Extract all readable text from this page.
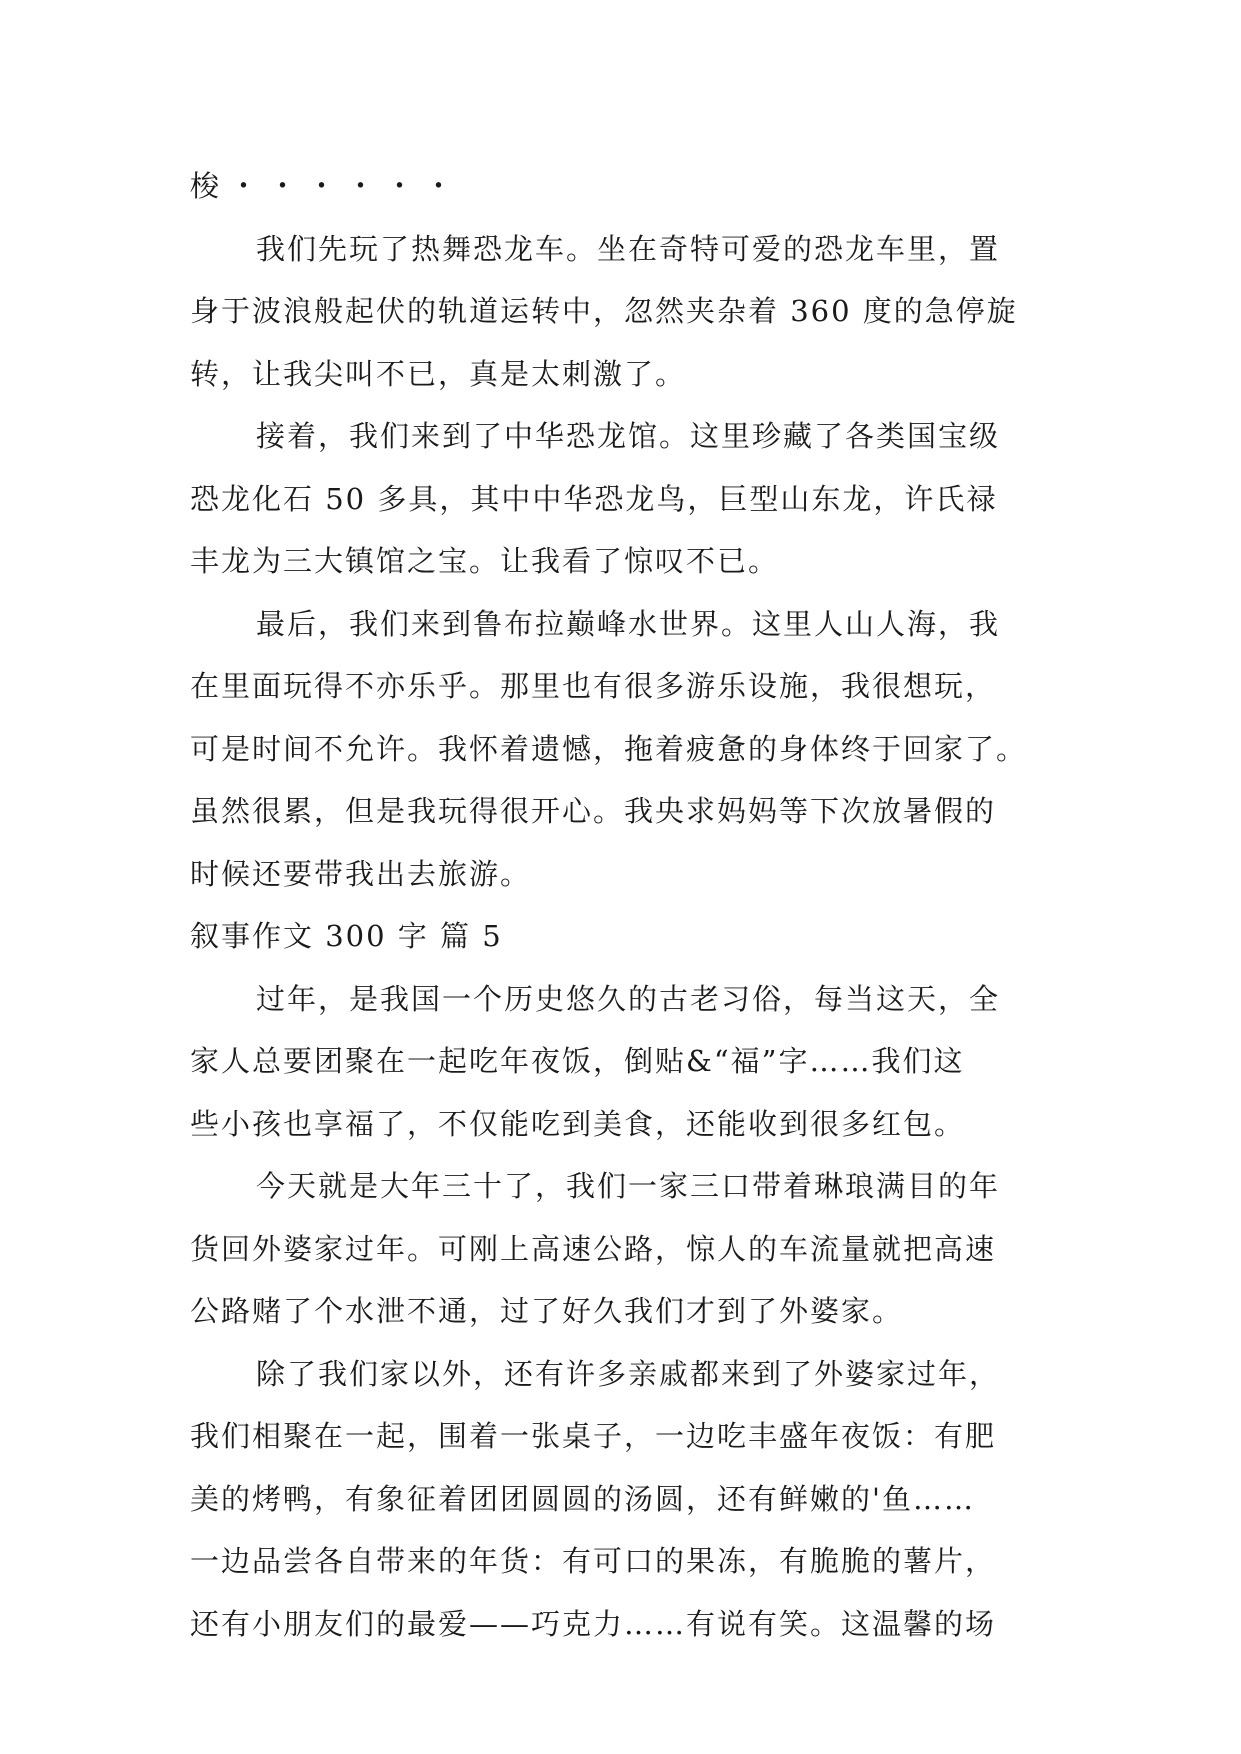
梭・・・・・・
我们先玩了热舞恐龙车。坐在奇特可爱的恐龙车里，置
身于波浪般起伏的轨道运转中，忽然夹杂着 360 度的急停旋
转，让我尖叫不已，真是太刺激了。
接着，我们来到了中华恐龙馆。这里珍藏了各类国宝级
恐龙化石 50 多具，其中中华恐龙鸟，巨型山东龙，许氏禄
丰龙为三大镇馆之宝。让我看了惊叹不已。
最后，我们来到鲁布拉巅峰水世界。这里人山人海，我
在里面玩得不亦乐乎。那里也有很多游乐设施，我很想玩，
可是时间不允许。我怀着遗憾，拖着疲惫的身体终于回家了。
虽然很累，但是我玩得很开心。我央求妈妈等下次放暑假的
时候还要带我出去旅游。
叙事作文 300 字 篇 5
过年，是我国一个历史悠久的古老习俗，每当这天，全
家人总要团聚在一起吃年夜饭，倒贴&“福”字……我们这
些小孩也享福了，不仅能吃到美食，还能收到很多红包。
今天就是大年三十了，我们一家三口带着琳琅满目的年
货回外婆家过年。可刚上高速公路，惊人的车流量就把高速
公路赌了个水泄不通，过了好久我们才到了外婆家。
除了我们家以外，还有许多亲戚都来到了外婆家过年，
我们相聚在一起，围着一张桌子，一边吃丰盛年夜饭：有肥
美的烤鸭，有象征着团团圆圆的汤圆，还有鲜嫩的'鱼……
一边品尝各自带来的年货：有可口的果冻，有脆脆的薯片，
还有小朋友们的最爱——巧克力……有说有笑。这温馨的场
